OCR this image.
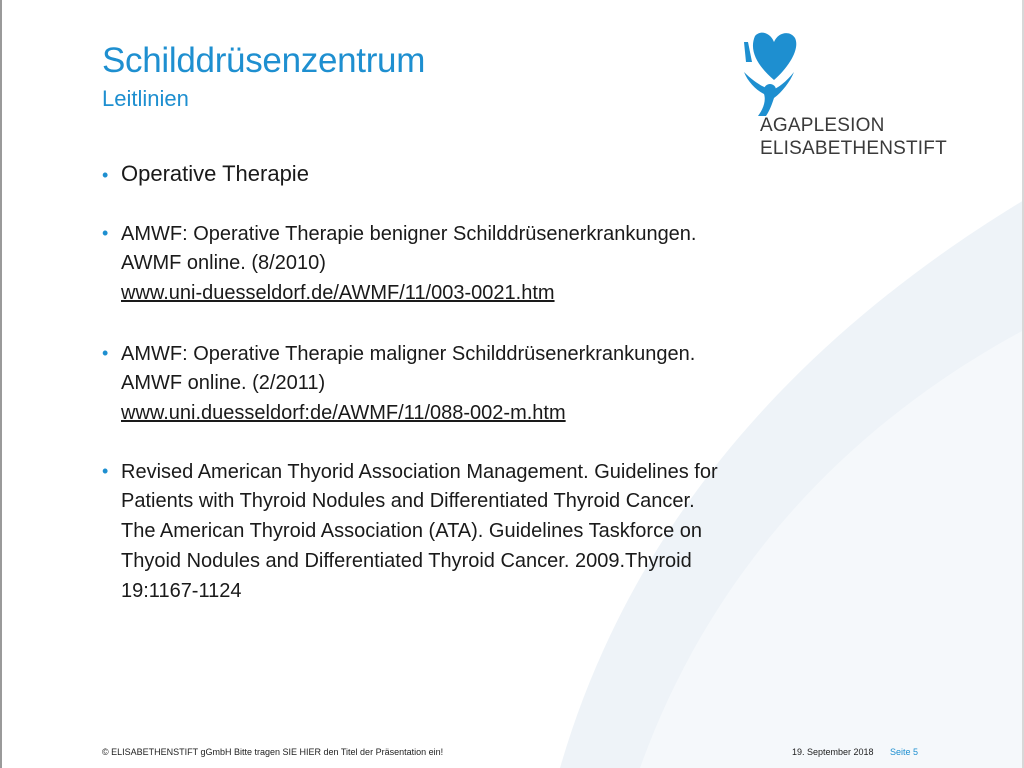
Schilddrüsenzentrum
Leitlinien
AGAPLESION
ELISABETHENSTIFT
• Operative Therapie
• AMWF: Operative Therapie benigner Schilddrüsenerkrankungen.
AWMF online. (8/2010)
www.uni-duesseldorf.de/AWMF/11/003-0021.htm
• AMWF: Operative Therapie maligner Schilddrüsenerkrankungen.
AMWF online. (2/2011)
www.uni.duesseldorf:de/AWMF/11/088-002-m.htm
• Revised American Thyorid Association Management. Guidelines for
Patients with Thyroid Nodules and Differentiated Thyroid Cancer.
The American Thyroid Association (ATA). Guidelines Taskforce on
Thyoid Nodules and Differentiated Thyroid Cancer. 2009.Thyroid
19:1167-1124
© ELISABETHENSTIFT gGmbH Bitte tragen SIE HIER den Titel der Präsentation ein!	19. September 2018 Seite 5
